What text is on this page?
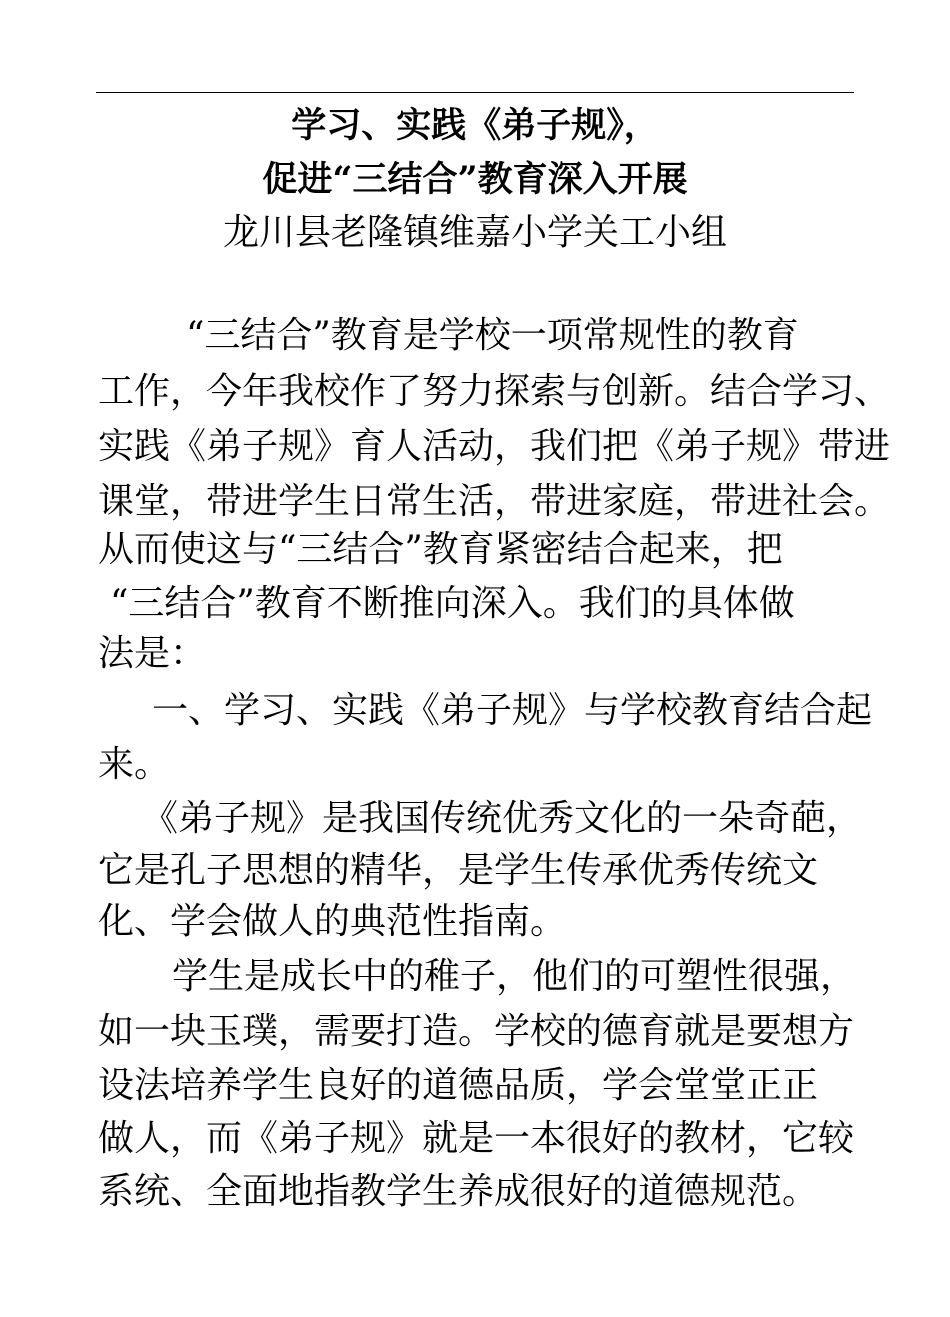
学习、实践《弟子规》，
促进“三结合”教育深入开展
龙川县老隆镇维嘉小学关工小组
“三结合”教育是学校一项常规性的教育
工作，今年我校作了努力探索与创新。结合学习、
实践《弟子规》育人活动，我们把《弟子规》带进
课堂，带进学生日常生活，带进家庭，带进社会。
从而使这与“三结合”教育紧密结合起来，把
“三结合”教育不断推向深入。我们的具体做
法是：
一、学习、实践《弟子规》与学校教育结合起
来。
《弟子规》是我国传统优秀文化的一朵奇葩，
它是孔子思想的精华，是学生传承优秀传统文
化、学会做人的典范性指南。
学生是成长中的稚子，他们的可塑性很强，
如一块玉璞，需要打造。学校的德育就是要想方
设法培养学生良好的道德品质，学会堂堂正正
做人，而《弟子规》就是一本很好的教材，它较
系统、全面地指教学生养成很好的道德规范。
